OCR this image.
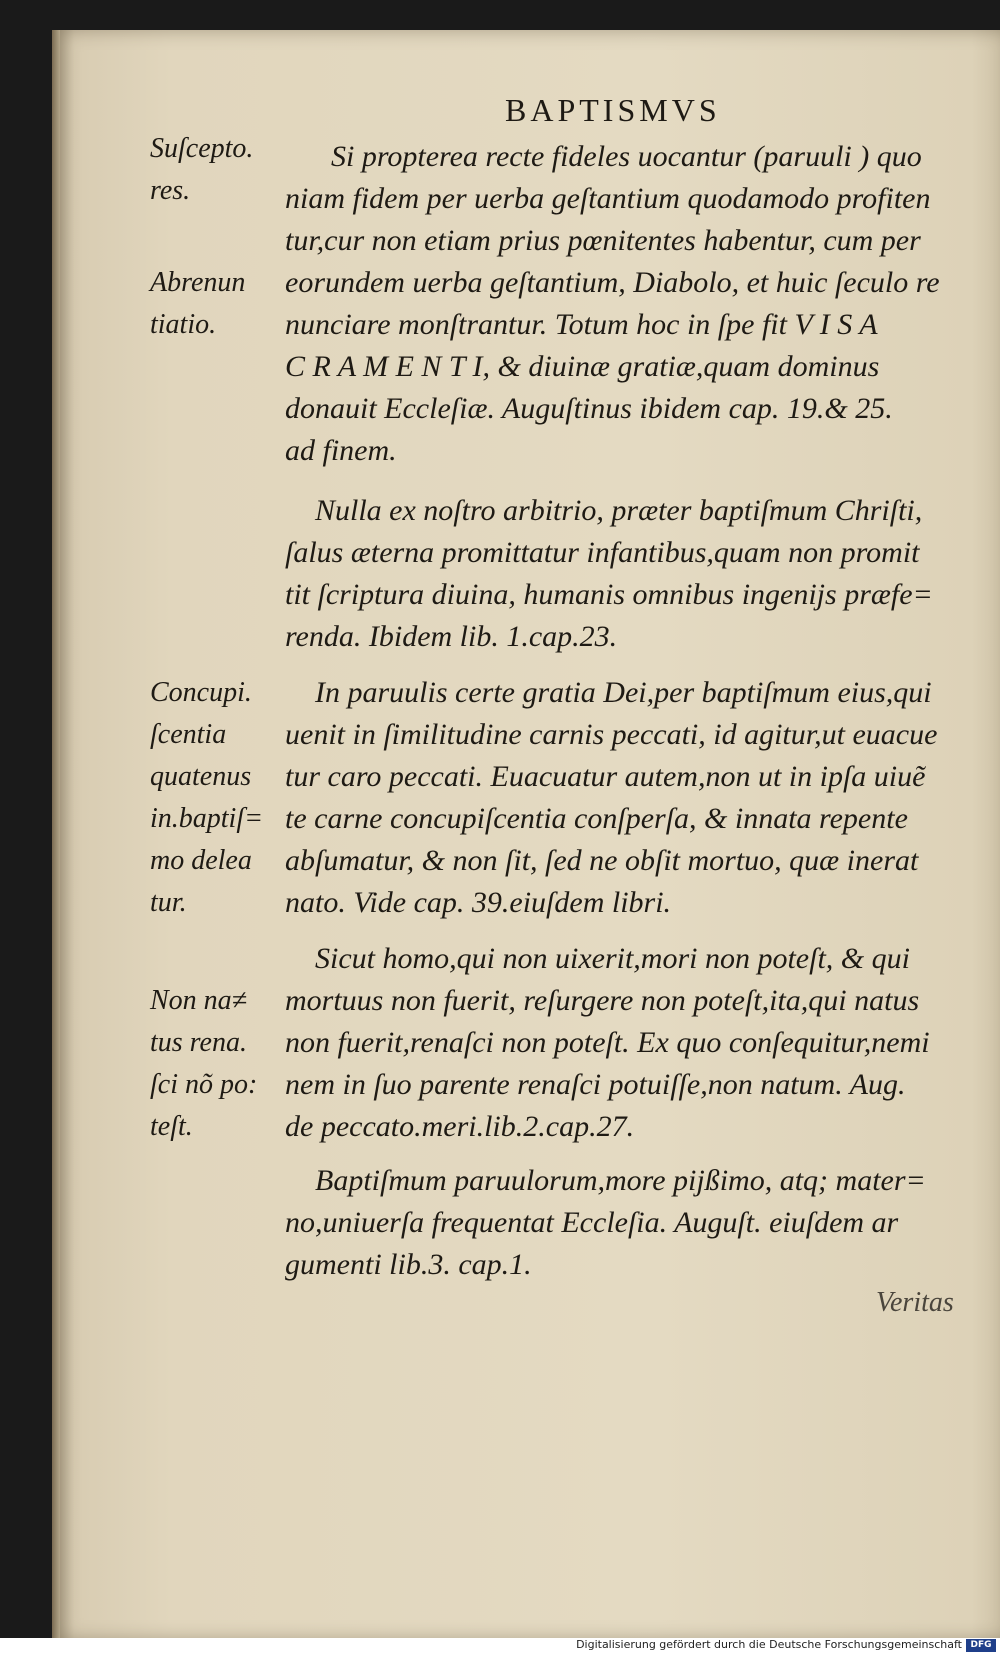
BAPTISMVS
Suſcepto.
res.
Abrenun
tiatio.
Concupi.
ſcentia
quatenus
in.baptiſ=
mo delea
tur.
Non na≠
tus rena.
ſci nõ po:
teſt.
Si propterea recte fideles uocantur (paruuli ) quo
niam fidem per uerba geſtantium quodamodo profiten
tur,cur non etiam prius pœnitentes habentur, cum per
eorundem uerba geſtantium, Diabolo, et huic ſeculo re
nunciare monſtrantur. Totum hoc in ſpe fit V I S A
C R A M E N T I, & diuinæ gratiæ,quam dominus
donauit Eccleſiæ. Auguſtinus ibidem cap. 19.& 25.
ad finem.
Nulla ex noſtro arbitrio, præter baptiſmum Chriſti,
ſalus æterna promittatur infantibus,quam non promit
tit ſcriptura diuina, humanis omnibus ingenijs præfe=
renda. Ibidem lib. 1.cap.23.
In paruulis certe gratia Dei,per baptiſmum eius,qui
uenit in ſimilitudine carnis peccati, id agitur,ut euacue
tur caro peccati. Euacuatur autem,non ut in ipſa uiuẽ
te carne concupiſcentia conſperſa, & innata repente
abſumatur, & non ſit, ſed ne obſit mortuo, quæ inerat
nato. Vide cap. 39.eiuſdem libri.
Sicut homo,qui non uixerit,mori non poteſt, & qui
mortuus non fuerit, reſurgere non poteſt,ita,qui natus
non fuerit,renaſci non poteſt. Ex quo conſequitur,nemi
nem in ſuo parente renaſci potuiſſe,non natum. Aug.
de peccato.meri.lib.2.cap.27.
Baptiſmum paruulorum,more pijßimo, atq; mater=
no,uniuerſa frequentat Eccleſia. Auguſt. eiuſdem ar
gumenti lib.3. cap.1.
Veritas
Digitalisierung gefördert durch die Deutsche Forschungsgemeinschaft DFG
